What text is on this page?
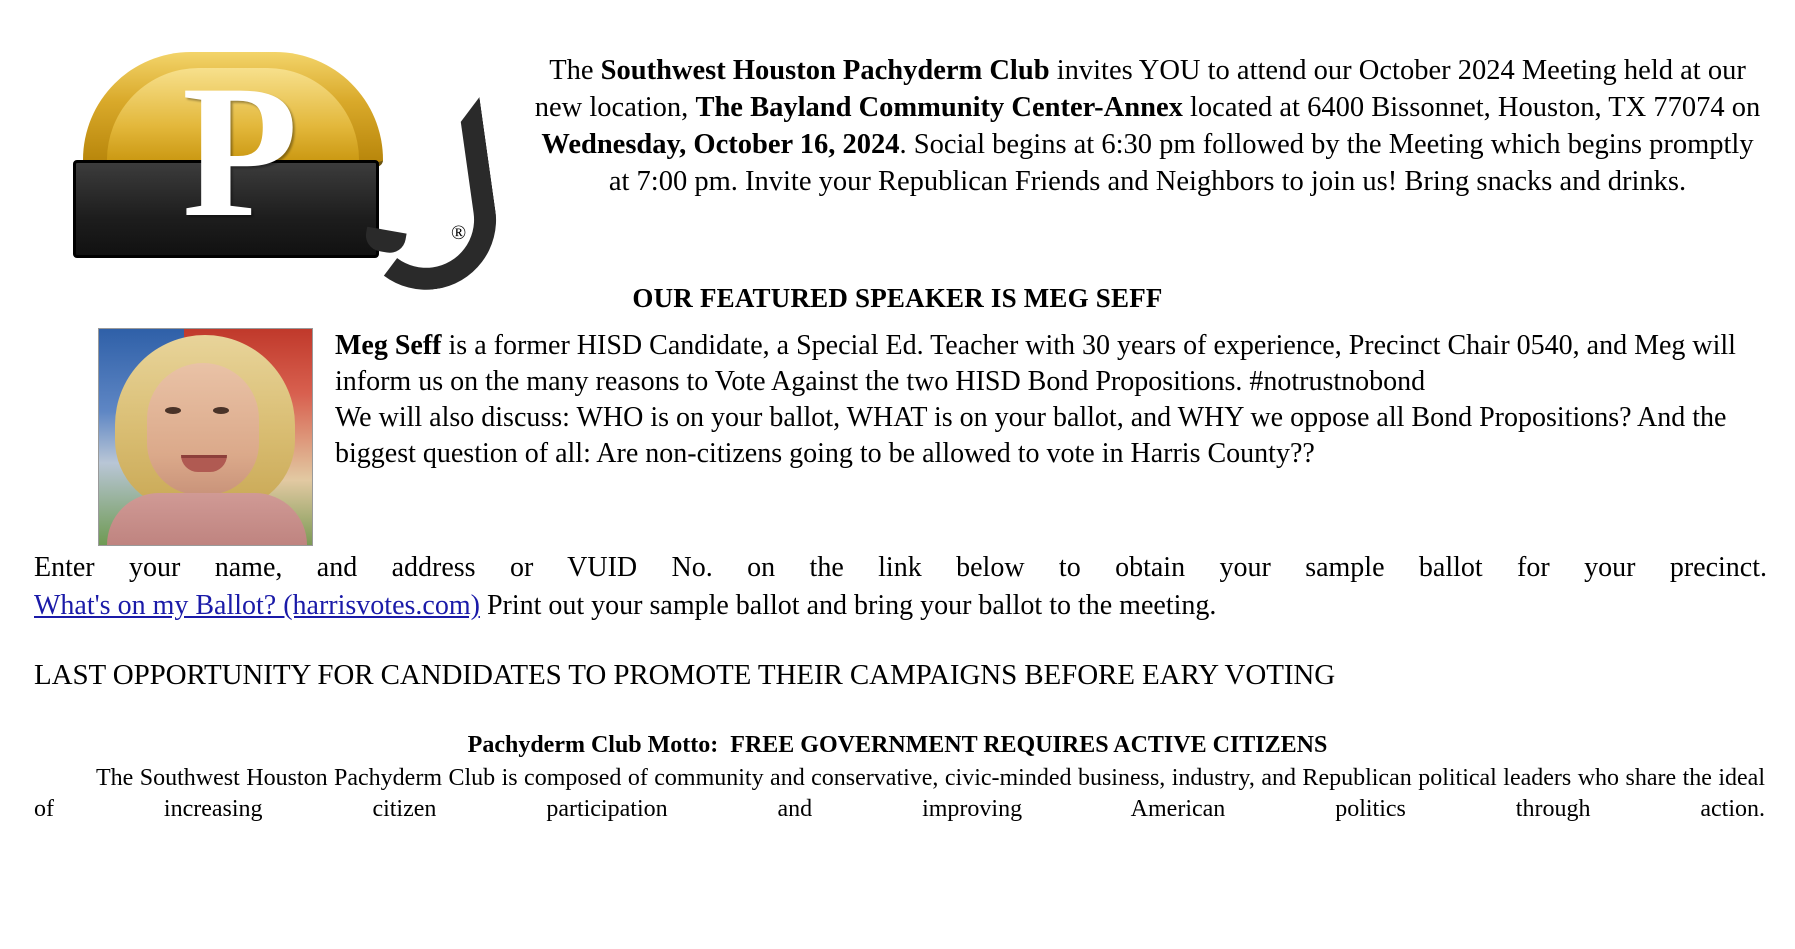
P	®
The Southwest Houston Pachyderm Club invites YOU to attend our October 2024 Meeting held at our new location, The Bayland Community Center-Annex located at 6400 Bissonnet, Houston, TX 77074 on Wednesday, October 16, 2024. Social begins at 6:30 pm followed by the Meeting which begins promptly at 7:00 pm. Invite your Republican Friends and Neighbors to join us! Bring snacks and drinks.
OUR FEATURED SPEAKER IS MEG SEFF
Meg Seff is a former HISD Candidate, a Special Ed. Teacher with 30 years of experience, Precinct Chair 0540, and Meg will inform us on the many reasons to Vote Against the two HISD Bond Propositions. #notrustnobond
We will also discuss: WHO is on your ballot, WHAT is on your ballot, and WHY we oppose all Bond Propositions? And the biggest question of all: Are non-citizens going to be allowed to vote in Harris County??
Enter your name, and address or VUID No. on the link below to obtain your sample ballot for your precinct.
What's on my Ballot? (harrisvotes.com) Print out your sample ballot and bring your ballot to the meeting.
LAST OPPORTUNITY FOR CANDIDATES TO PROMOTE THEIR CAMPAIGNS BEFORE EARY VOTING
Pachyderm Club Motto: FREE GOVERNMENT REQUIRES ACTIVE CITIZENS
The Southwest Houston Pachyderm Club is composed of community and conservative, civic-minded business, industry, and Republican political leaders who share the ideal of increasing citizen participation and improving American politics through action.
